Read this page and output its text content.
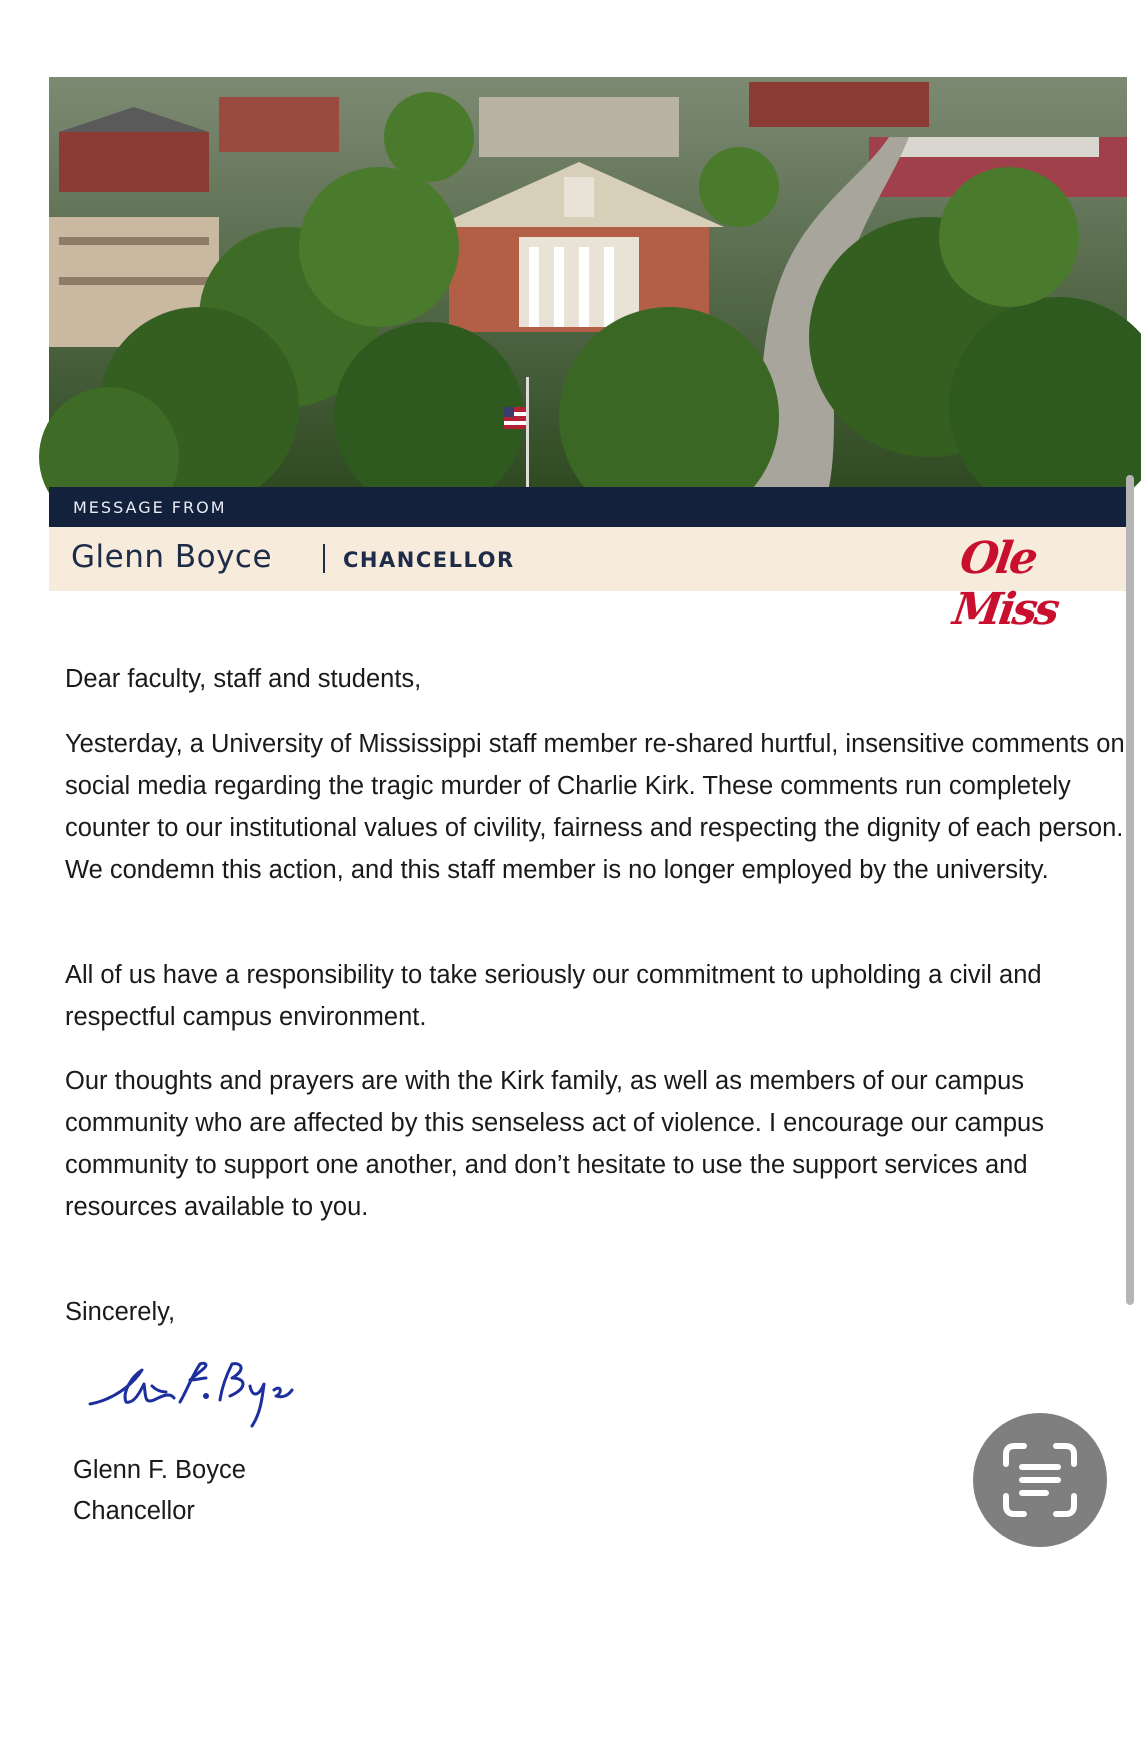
MESSAGE FROM
Glenn Boyce	CHANCELLOR	Ole Miss

Dear faculty, staff and students,

Yesterday, a University of Mississippi staff member re-shared hurtful, insensitive comments on social media regarding the tragic murder of Charlie Kirk. These comments run completely counter to our institutional values of civility, fairness and respecting the dignity of each person. We condemn this action, and this staff member is no longer employed by the university.

All of us have a responsibility to take seriously our commitment to upholding a civil and respectful campus environment.

Our thoughts and prayers are with the Kirk family, as well as members of our campus community who are affected by this senseless act of violence. I encourage our campus community to support one another, and don’t hesitate to use the support services and resources available to you.

Sincerely,

Glenn F. Boyce
Chancellor
